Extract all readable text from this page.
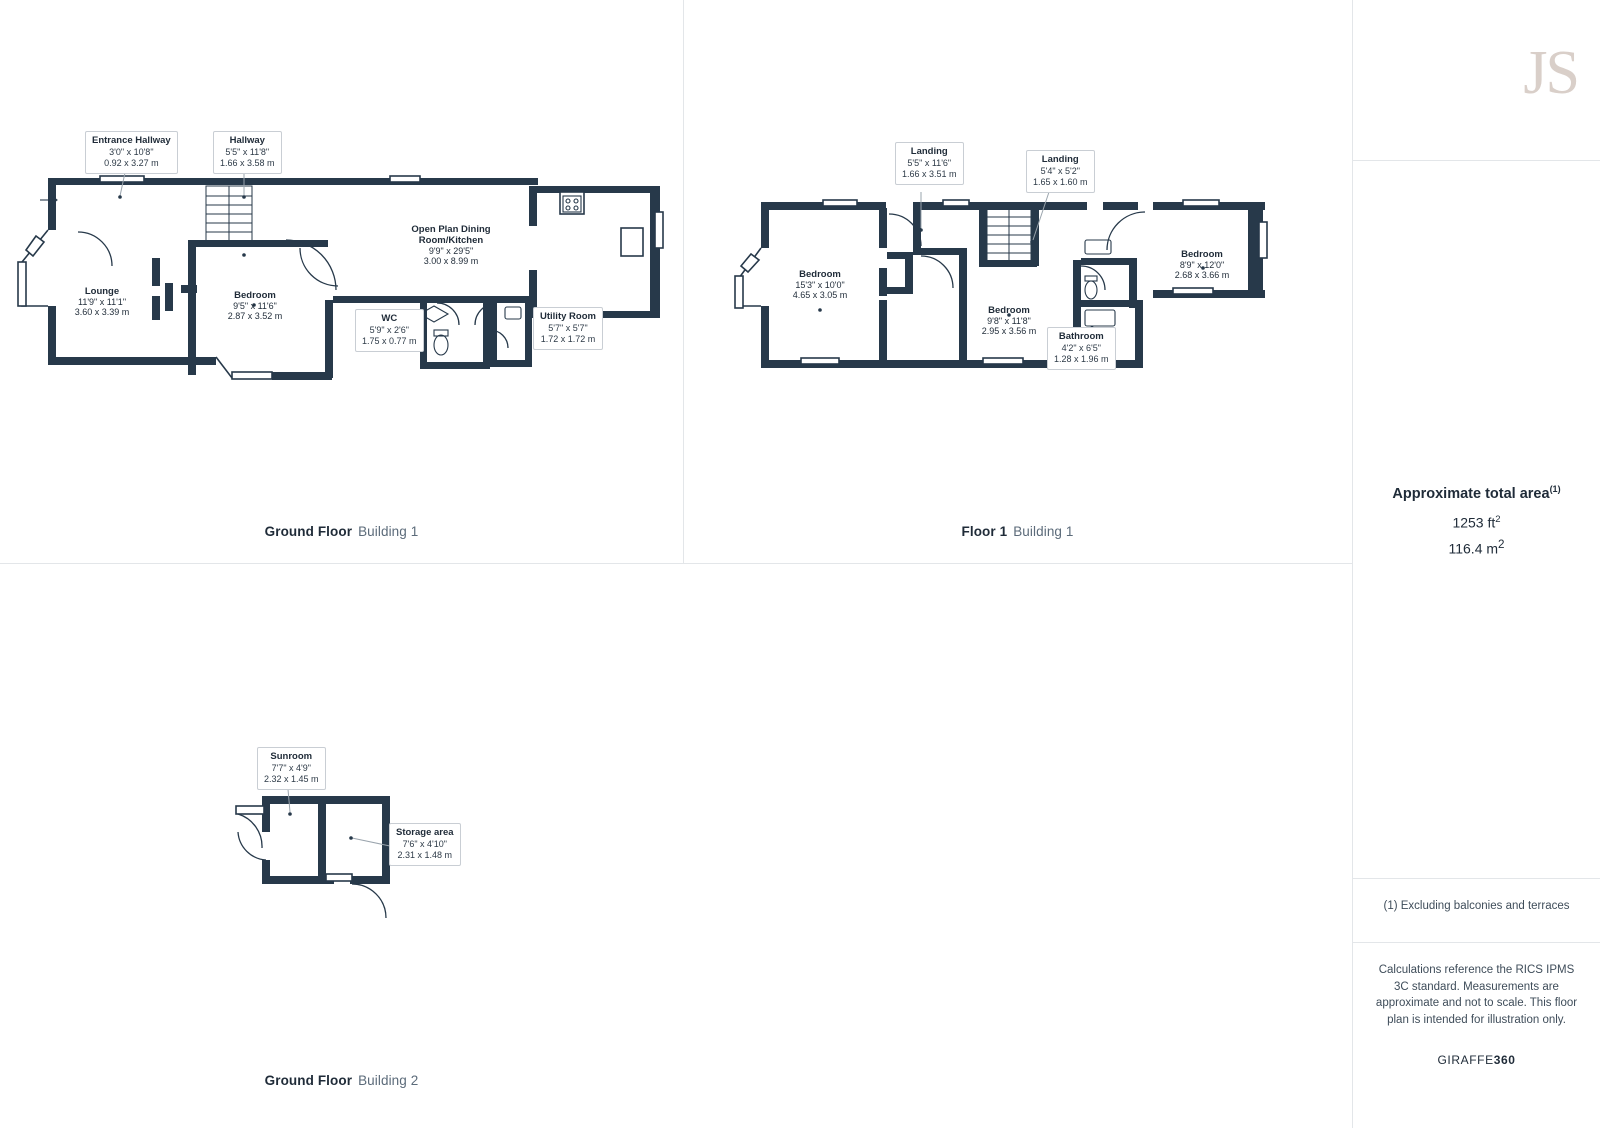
Entrance Hallway
3'0" x 10'8"
0.92 x 3.27 m
Hallway
5'5" x 11'8"
1.66 x 3.58 m
Open Plan Dining Room/Kitchen
9'9" x 29'5"
3.00 x 8.99 m
Lounge
11'9" x 11'1"
3.60 x 3.39 m
Bedroom
9'5" x 11'6"
2.87 x 3.52 m	WC
5'9" x 2'6"
1.75 x 0.77 m
Utility Room
5'7" x 5'7"
1.72 x 1.72 m
Ground Floor Building 1
Landing
5'5" x 11'6"
1.66 x 3.51 m
Landing
5'4" x 5'2"
1.65 x 1.60 m
Bedroom
15'3" x 10'0"
4.65 x 3.05 m
Bedroom
9'8" x 11'8"
2.95 x 3.56 m
Bedroom
8'9" x 12'0"
2.68 x 3.66 m
Bathroom
4'2" x 6'5"
1.28 x 1.96 m
Floor 1 Building 1
Sunroom
7'7" x 4'9"
2.32 x 1.45 m
Storage area
7'6" x 4'10"
2.31 x 1.48 m
Ground Floor Building 2
JS
Approximate total area$^{(1)}$
1253 $ft^2$
116.4 $m^2$
(1) Excluding balconies and terraces
Calculations reference the RICS IPMS 3C standard. Measurements are approximate and not to scale. This floor plan is intended for illustration only.
GIRAFFE360
